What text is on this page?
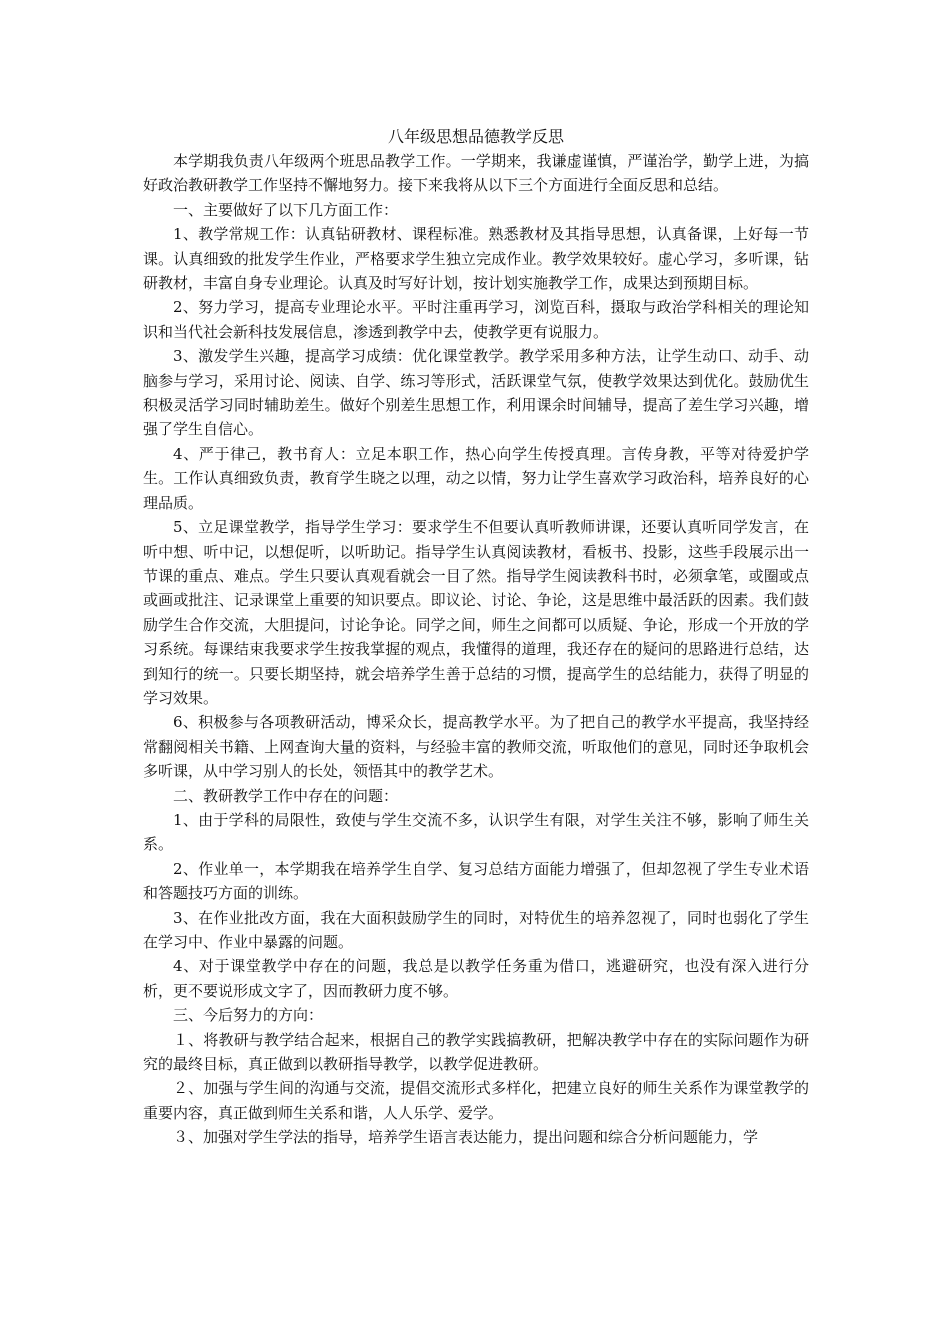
八年级思想品德教学反思

本学期我负责八年级两个班思品教学工作。一学期来，我谦虚谨慎，严谨治学，勤学上进，为搞好政治教研教学工作坚持不懈地努力。接下来我将从以下三个方面进行全面反思和总结。

一、主要做好了以下几方面工作：

1、教学常规工作：认真钻研教材、课程标准。熟悉教材及其指导思想，认真备课，上好每一节课。认真细致的批发学生作业，严格要求学生独立完成作业。教学效果较好。虚心学习，多听课，钻研教材，丰富自身专业理论。认真及时写好计划，按计划实施教学工作，成果达到预期目标。

2、努力学习，提高专业理论水平。平时注重再学习，浏览百科，摄取与政治学科相关的理论知识和当代社会新科技发展信息，渗透到教学中去，使教学更有说服力。

3、激发学生兴趣，提高学习成绩：优化课堂教学。教学采用多种方法，让学生动口、动手、动脑参与学习，采用讨论、阅读、自学、练习等形式，活跃课堂气氛，使教学效果达到优化。鼓励优生积极灵活学习同时辅助差生。做好个别差生思想工作，利用课余时间辅导，提高了差生学习兴趣，增强了学生自信心。

4、严于律己，教书育人：立足本职工作，热心向学生传授真理。言传身教，平等对待爱护学生。工作认真细致负责，教育学生晓之以理，动之以情，努力让学生喜欢学习政治科，培养良好的心理品质。

5、立足课堂教学，指导学生学习：要求学生不但要认真听教师讲课，还要认真听同学发言，在听中想、听中记，以想促听，以听助记。指导学生认真阅读教材，看板书、投影，这些手段展示出一节课的重点、难点。学生只要认真观看就会一目了然。指导学生阅读教科书时，必须拿笔，或圈或点或画或批注、记录课堂上重要的知识要点。即议论、讨论、争论，这是思维中最活跃的因素。我们鼓励学生合作交流，大胆提问，讨论争论。同学之间，师生之间都可以质疑、争论，形成一个开放的学习系统。每课结束我要求学生按我掌握的观点，我懂得的道理，我还存在的疑问的思路进行总结，达到知行的统一。只要长期坚持，就会培养学生善于总结的习惯，提高学生的总结能力，获得了明显的学习效果。

6、积极参与各项教研活动，博采众长，提高教学水平。为了把自己的教学水平提高，我坚持经常翻阅相关书籍、上网查询大量的资料，与经验丰富的教师交流，听取他们的意见，同时还争取机会多听课，从中学习别人的长处，领悟其中的教学艺术。

二、教研教学工作中存在的问题：

1、由于学科的局限性，致使与学生交流不多，认识学生有限，对学生关注不够，影响了师生关系。

2、作业单一，本学期我在培养学生自学、复习总结方面能力增强了，但却忽视了学生专业术语和答题技巧方面的训练。

3、在作业批改方面，我在大面积鼓励学生的同时，对特优生的培养忽视了，同时也弱化了学生在学习中、作业中暴露的问题。

4、对于课堂教学中存在的问题，我总是以教学任务重为借口，逃避研究，也没有深入进行分析，更不要说形成文字了，因而教研力度不够。

三、今后努力的方向：

１、将教研与教学结合起来，根据自己的教学实践搞教研，把解决教学中存在的实际问题作为研究的最终目标，真正做到以教研指导教学，以教学促进教研。

２、加强与学生间的沟通与交流，提倡交流形式多样化，把建立良好的师生关系作为课堂教学的重要内容，真正做到师生关系和谐，人人乐学、爱学。

３、加强对学生学法的指导，培养学生语言表达能力，提出问题和综合分析问题能力，学
